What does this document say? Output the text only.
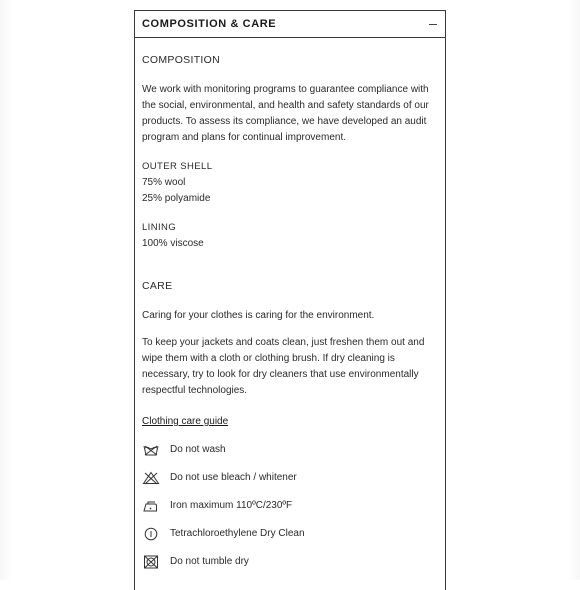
COMPOSITION & CARE

COMPOSITION

We work with monitoring programs to guarantee compliance with the social, environmental, and health and safety standards of our products. To assess its compliance, we have developed an audit program and plans for continual improvement.

OUTER SHELL
75% wool
25% polyamide
LINING
100% viscose

CARE

Caring for your clothes is caring for the environment.

To keep your jackets and coats clean, just freshen them out and wipe them with a cloth or clothing brush. If dry cleaning is necessary, try to look for dry cleaners that use environmentally respectful technologies.

Clothing care guide
Do not wash
Do not use bleach / whitener
Iron maximum 110ºC/230ºF
Tetrachloroethylene Dry Clean
Do not tumble dry
